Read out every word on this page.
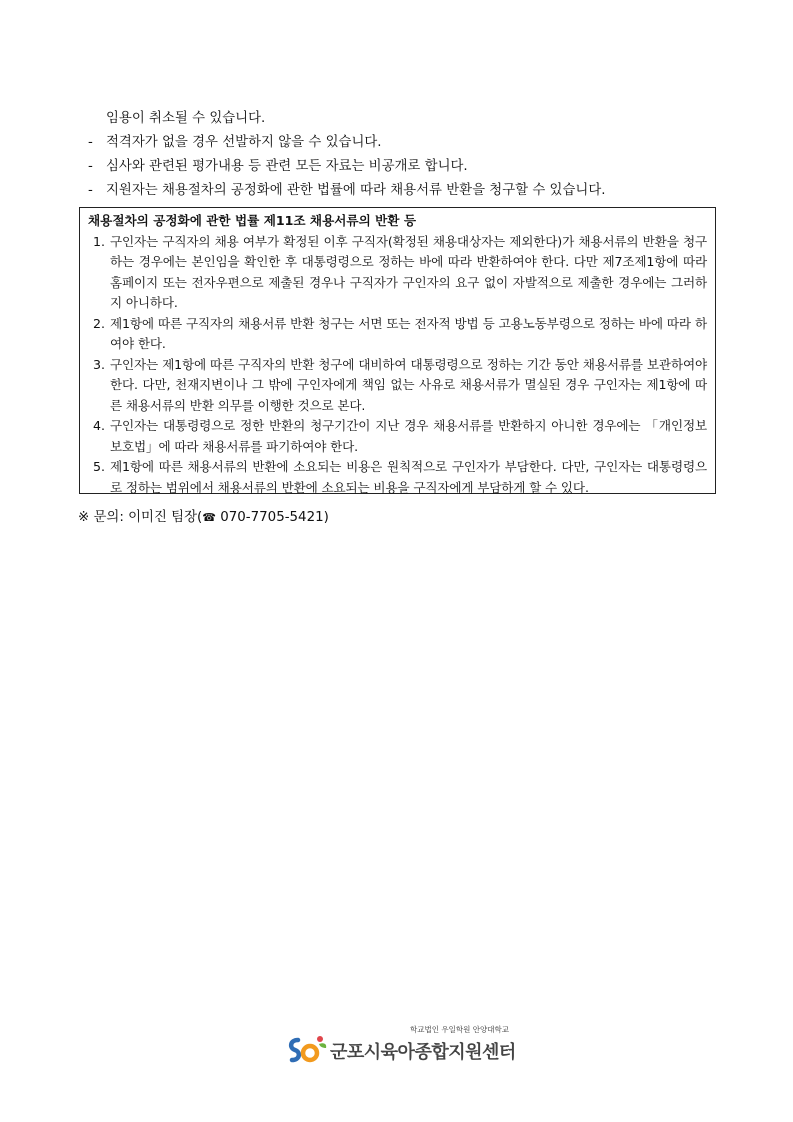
임용이 취소될 수 있습니다.
- 적격자가 없을 경우 선발하지 않을 수 있습니다.
- 심사와 관련된 평가내용 등 관련 모든 자료는 비공개로 합니다.
- 지원자는 채용절차의 공정화에 관한 법률에 따라 채용서류 반환을 청구할 수 있습니다.
채용절차의 공정화에 관한 법률 제11조 채용서류의 반환 등
1. 구인자는 구직자의 채용 여부가 확정된 이후 구직자(확정된 채용대상자는 제외한다)가 채용서류의 반환을 청구하는 경우에는 본인임을 확인한 후 대통령령으로 정하는 바에 따라 반환하여야 한다. 다만 제7조제1항에 따라 홈페이지 또는 전자우편으로 제출된 경우나 구직자가 구인자의 요구 없이 자발적으로 제출한 경우에는 그러하지 아니하다.
2. 제1항에 따른 구직자의 채용서류 반환 청구는 서면 또는 전자적 방법 등 고용노동부령으로 정하는 바에 따라 하여야 한다.
3. 구인자는 제1항에 따른 구직자의 반환 청구에 대비하여 대통령령으로 정하는 기간 동안 채용서류를 보관하여야 한다. 다만, 천재지변이나 그 밖에 구인자에게 책임 없는 사유로 채용서류가 멸실된 경우 구인자는 제1항에 따른 채용서류의 반환 의무를 이행한 것으로 본다.
4. 구인자는 대통령령으로 정한 반환의 청구기간이 지난 경우 채용서류를 반환하지 아니한 경우에는 「개인정보 보호법」에 따라 채용서류를 파기하여야 한다.
5. 제1항에 따른 채용서류의 반환에 소요되는 비용은 원칙적으로 구인자가 부담한다. 다만, 구인자는 대통령령으로 정하는 범위에서 채용서류의 반환에 소요되는 비용을 구직자에게 부담하게 할 수 있다.
※ 문의: 이미진 팀장(☎ 070-7705-5421)
학교법인 우일학원 안양대학교
군포시육아종합지원센터
